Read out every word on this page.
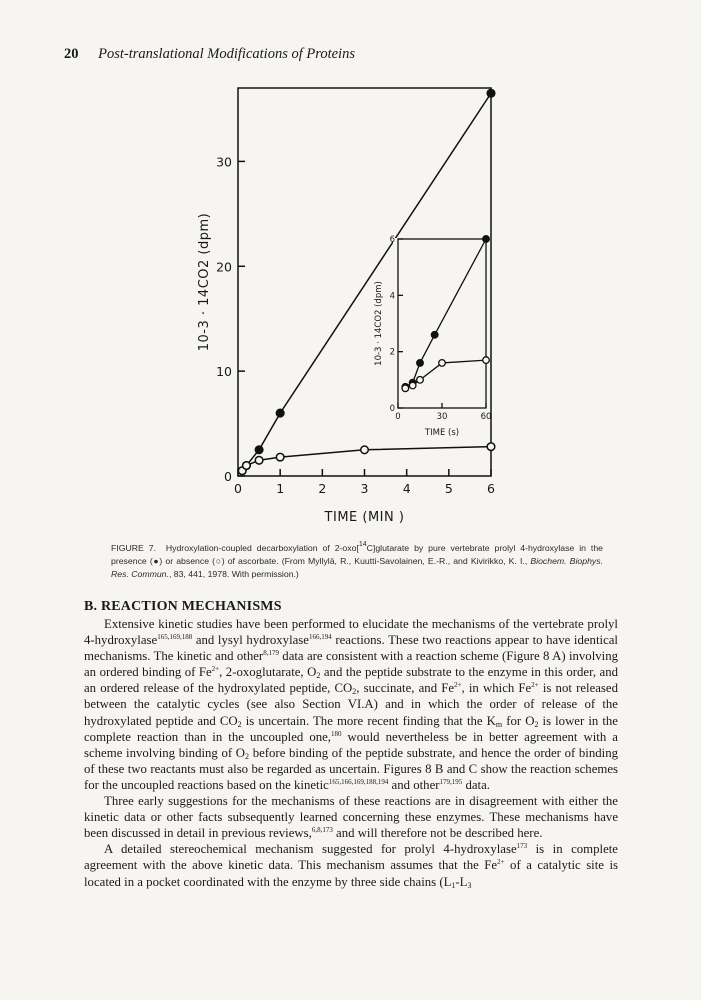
20 Post-translational Modifications of Proteins
0	1	2	3	4	5	6
0
10
20
30
TIME (MIN )
10-3 · 14CO2 (dpm)
0	30	60
0
2
4
6
TIME (s)
10-3 · 14CO2 (dpm)
FIGURE 7. Hydroxylation-coupled decarboxylation of 2-oxo[$^{14}$C]glutarate by pure vertebrate prolyl 4-hydroxylase in the presence (●) or absence (○) of ascorbate. (From Myllylä, R., Kuutti-Savolainen, E.-R., and Kivirikko, K. I., Biochem. Biophys. Res. Commun., 83, 441, 1978. With permission.)
B. REACTION MECHANISMS

Extensive kinetic studies have been performed to elucidate the mechanisms of the vertebrate prolyl 4-hydroxylase$^{165,169,188}$ and lysyl hydroxylase$^{166,194}$ reactions. These two reactions appear to have identical mechanisms. The kinetic and other$^{8,179}$ data are consistent with a reaction scheme (Figure 8 A) involving an ordered binding of $Fe^{2+}$, 2-oxoglutarate, $O_2$ and the peptide substrate to the enzyme in this order, and an ordered release of the hydroxylated peptide, $CO_2$, succinate, and $Fe^{2+}$, in which $Fe^{2+}$ is not released between the catalytic cycles (see also Section VI.A) and in which the order of release of the hydroxylated peptide and $CO_2$ is uncertain. The more recent finding that the $K_m$ for $O_2$ is lower in the complete reaction than in the uncoupled one,$^{180}$ would nevertheless be in better agreement with a scheme involving binding of $O_2$ before binding of the peptide substrate, and hence the order of binding of these two reactants must also be regarded as uncertain. Figures 8 B and C show the reaction schemes for the uncoupled reactions based on the kinetic$^{165,166,169,188,194}$ and other$^{179,195}$ data.

Three early suggestions for the mechanisms of these reactions are in disagreement with either the kinetic data or other facts subsequently learned concerning these enzymes. These mechanisms have been discussed in detail in previous reviews,$^{6,8,173}$ and will therefore not be described here.

A detailed stereochemical mechanism suggested for prolyl 4-hydroxylase$^{173}$ is in complete agreement with the above kinetic data. This mechanism assumes that the $Fe^{2+}$ of a catalytic site is located in a pocket coordinated with the enzyme by three side chains ($L_1-L_3$
